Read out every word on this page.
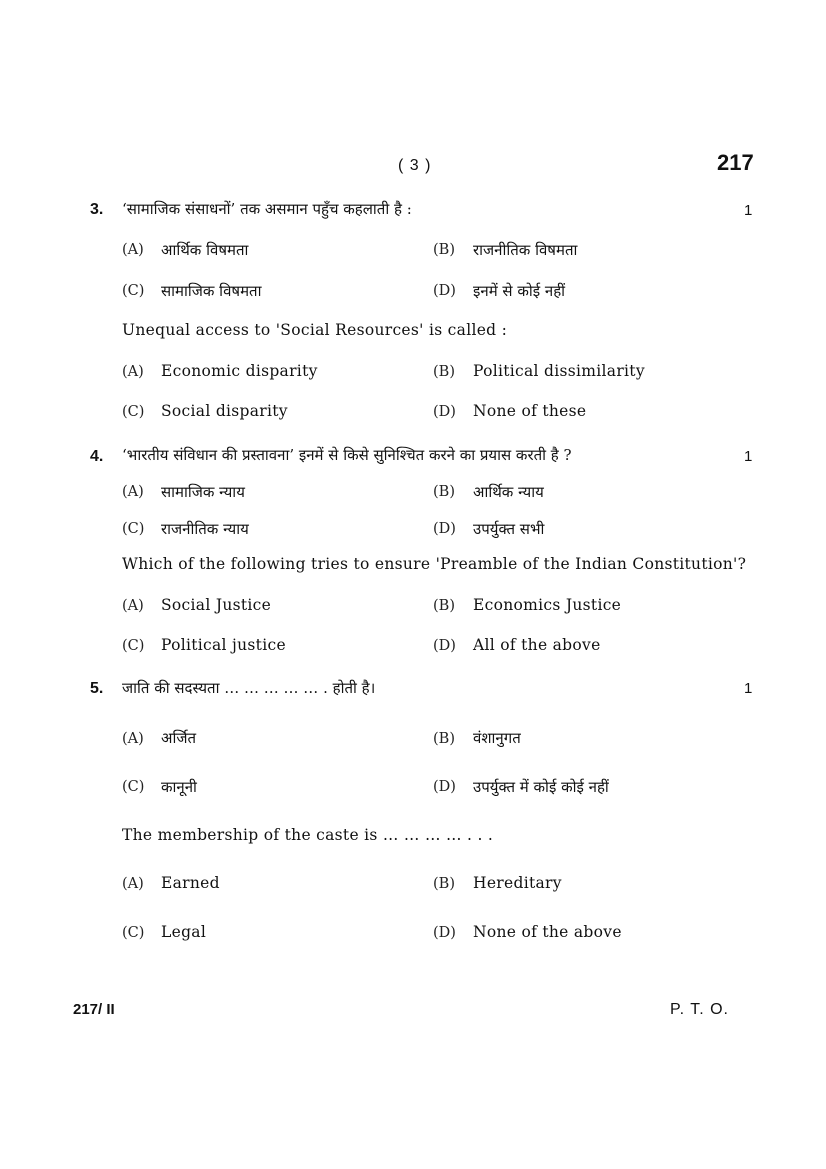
( 3 )	217
3. ‘सामाजिक संसाधनों’ तक असमान पहुँच कहलाती है :	1
(A) आर्थिक विषमता	(B) राजनीतिक विषमता
(C) सामाजिक विषमता	(D) इनमें से कोई नहीं
Unequal access to 'Social Resources' is called :
(A) Economic disparity	(B) Political dissimilarity
(C) Social disparity	(D) None of these
4. ‘भारतीय संविधान की प्रस्तावना’ इनमें से किसे सुनिश्चित करने का प्रयास करती है ?	1
(A) सामाजिक न्याय	(B) आर्थिक न्याय
(C) राजनीतिक न्याय	(D) उपर्युक्त सभी
Which of the following tries to ensure 'Preamble of the Indian Constitution'?
(A) Social Justice	(B) Economics Justice
(C) Political justice	(D) All of the above
5. जाति की सदस्यता … … … … … . होती है।	1
(A) अर्जित	(B) वंशानुगत
(C) कानूनी	(D) उपर्युक्त में कोई कोई नहीं
The membership of the caste is … … … … . . .
(A) Earned	(B) Hereditary
(C) Legal	(D) None of the above
217/ II	P. T. O.
